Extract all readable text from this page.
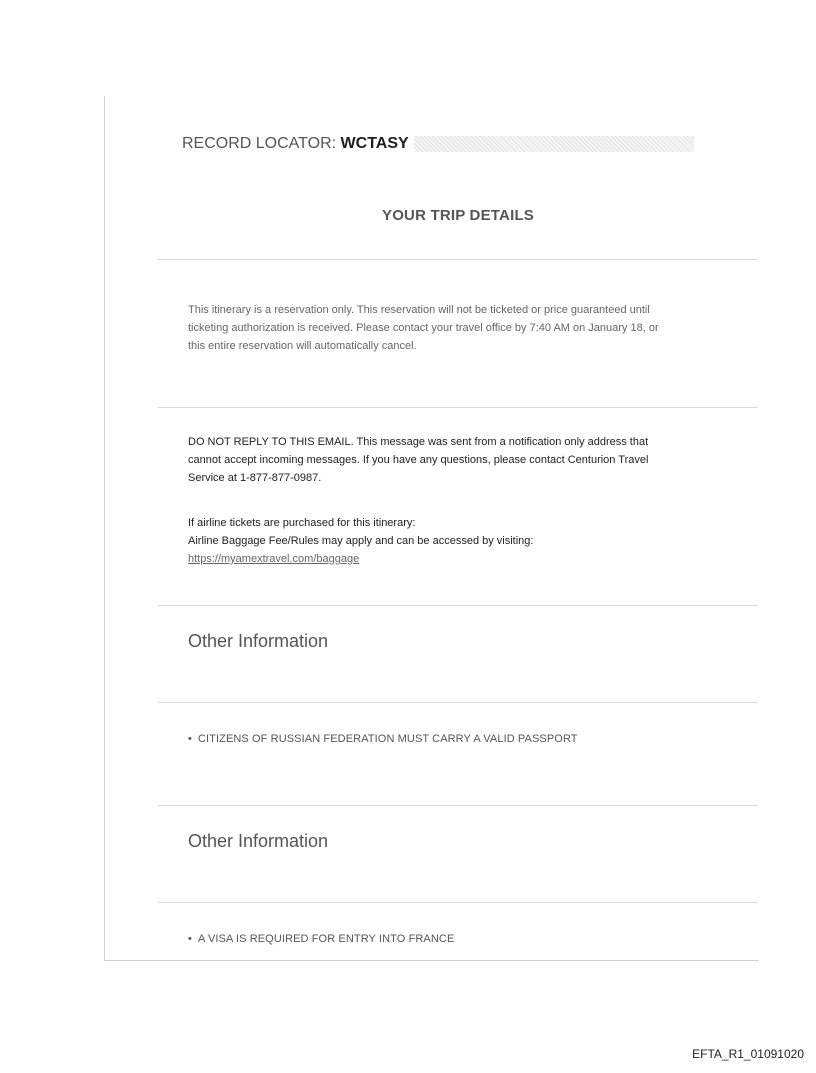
RECORD LOCATOR: WCTASY
YOUR TRIP DETAILS
This itinerary is a reservation only. This reservation will not be ticketed or price guaranteed until
ticketing authorization is received. Please contact your travel office by 7:40 AM on January 18, or
this entire reservation will automatically cancel.
DO NOT REPLY TO THIS EMAIL. This message was sent from a notification only address that
cannot accept incoming messages. If you have any questions, please contact Centurion Travel
Service at 1-877-877-0987.
If airline tickets are purchased for this itinerary:
Airline Baggage Fee/Rules may apply and can be accessed by visiting:
https://myamextravel.com/baggage
Other Information
• CITIZENS OF RUSSIAN FEDERATION MUST CARRY A VALID PASSPORT
Other Information
• A VISA IS REQUIRED FOR ENTRY INTO FRANCE
EFTA_R1_01091020
